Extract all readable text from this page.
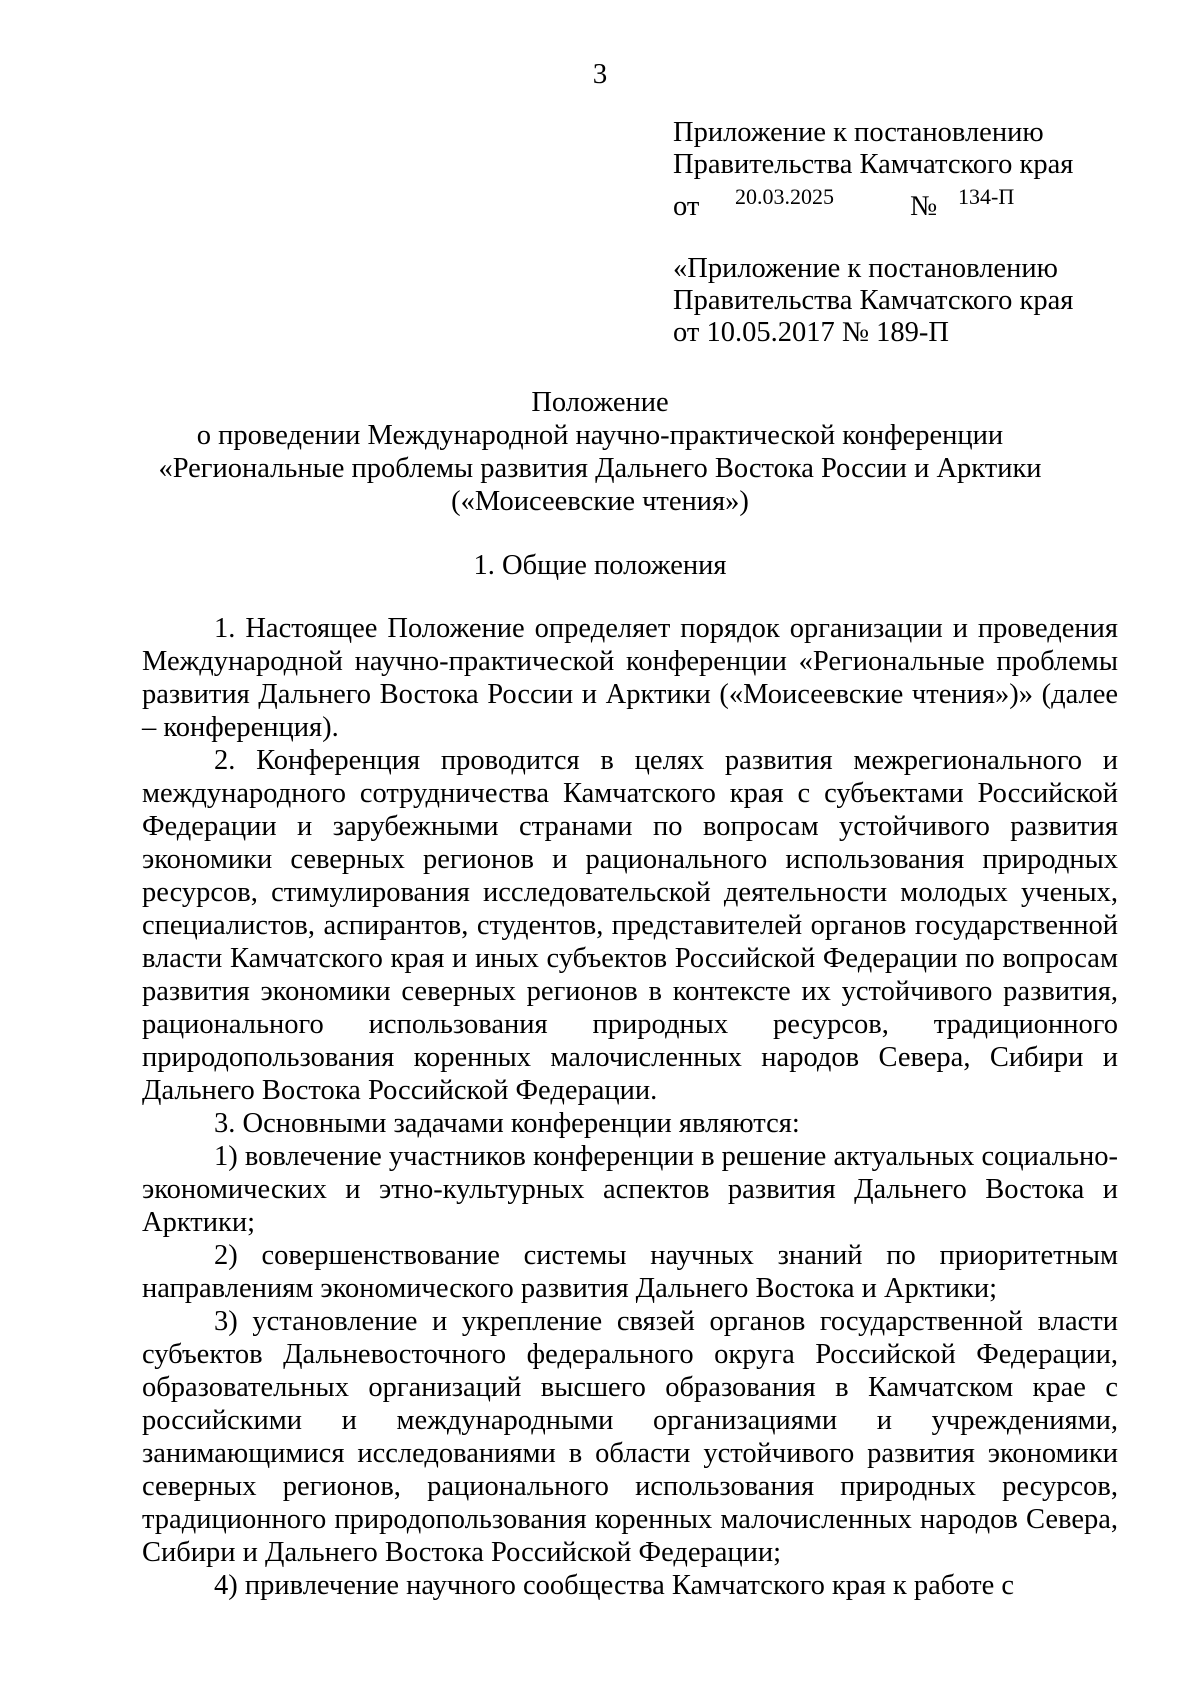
3
Приложение к постановлению
Правительства Камчатского края
от 20.03.2025	№ 134-П
«Приложение к постановлению
Правительства Камчатского края
от 10.05.2017 № 189-П
Положение
о проведении Международной научно-практической конференции
«Региональные проблемы развития Дальнего Востока России и Арктики
(«Моисеевские чтения»)
1. Общие положения

1. Настоящее Положение определяет порядок организации и проведения Международной научно-практической конференции «Региональные проблемы развития Дальнего Востока России и Арктики («Моисеевские чтения»)» (далее – конференция).

2. Конференция проводится в целях развития межрегионального и международного сотрудничества Камчатского края с субъектами Российской Федерации и зарубежными странами по вопросам устойчивого развития экономики северных регионов и рационального использования природных ресурсов, стимулирования исследовательской деятельности молодых ученых, специалистов, аспирантов, студентов, представителей органов государственной власти Камчатского края и иных субъектов Российской Федерации по вопросам развития экономики северных регионов в контексте их устойчивого развития, рационального использования природных ресурсов, традиционного природопользования коренных малочисленных народов Севера, Сибири и Дальнего Востока Российской Федерации.

3. Основными задачами конференции являются:

1) вовлечение участников конференции в решение актуальных социально-экономических и этно-культурных аспектов развития Дальнего Востока и Арктики;

2) совершенствование системы научных знаний по приоритетным направлениям экономического развития Дальнего Востока и Арктики;

3) установление и укрепление связей органов государственной власти субъектов Дальневосточного федерального округа Российской Федерации, образовательных организаций высшего образования в Камчатском крае с российскими и международными организациями и учреждениями, занимающимися исследованиями в области устойчивого развития экономики северных регионов, рационального использования природных ресурсов, традиционного природопользования коренных малочисленных народов Севера, Сибири и Дальнего Востока Российской Федерации;

4) привлечение научного сообщества Камчатского края к работе с
